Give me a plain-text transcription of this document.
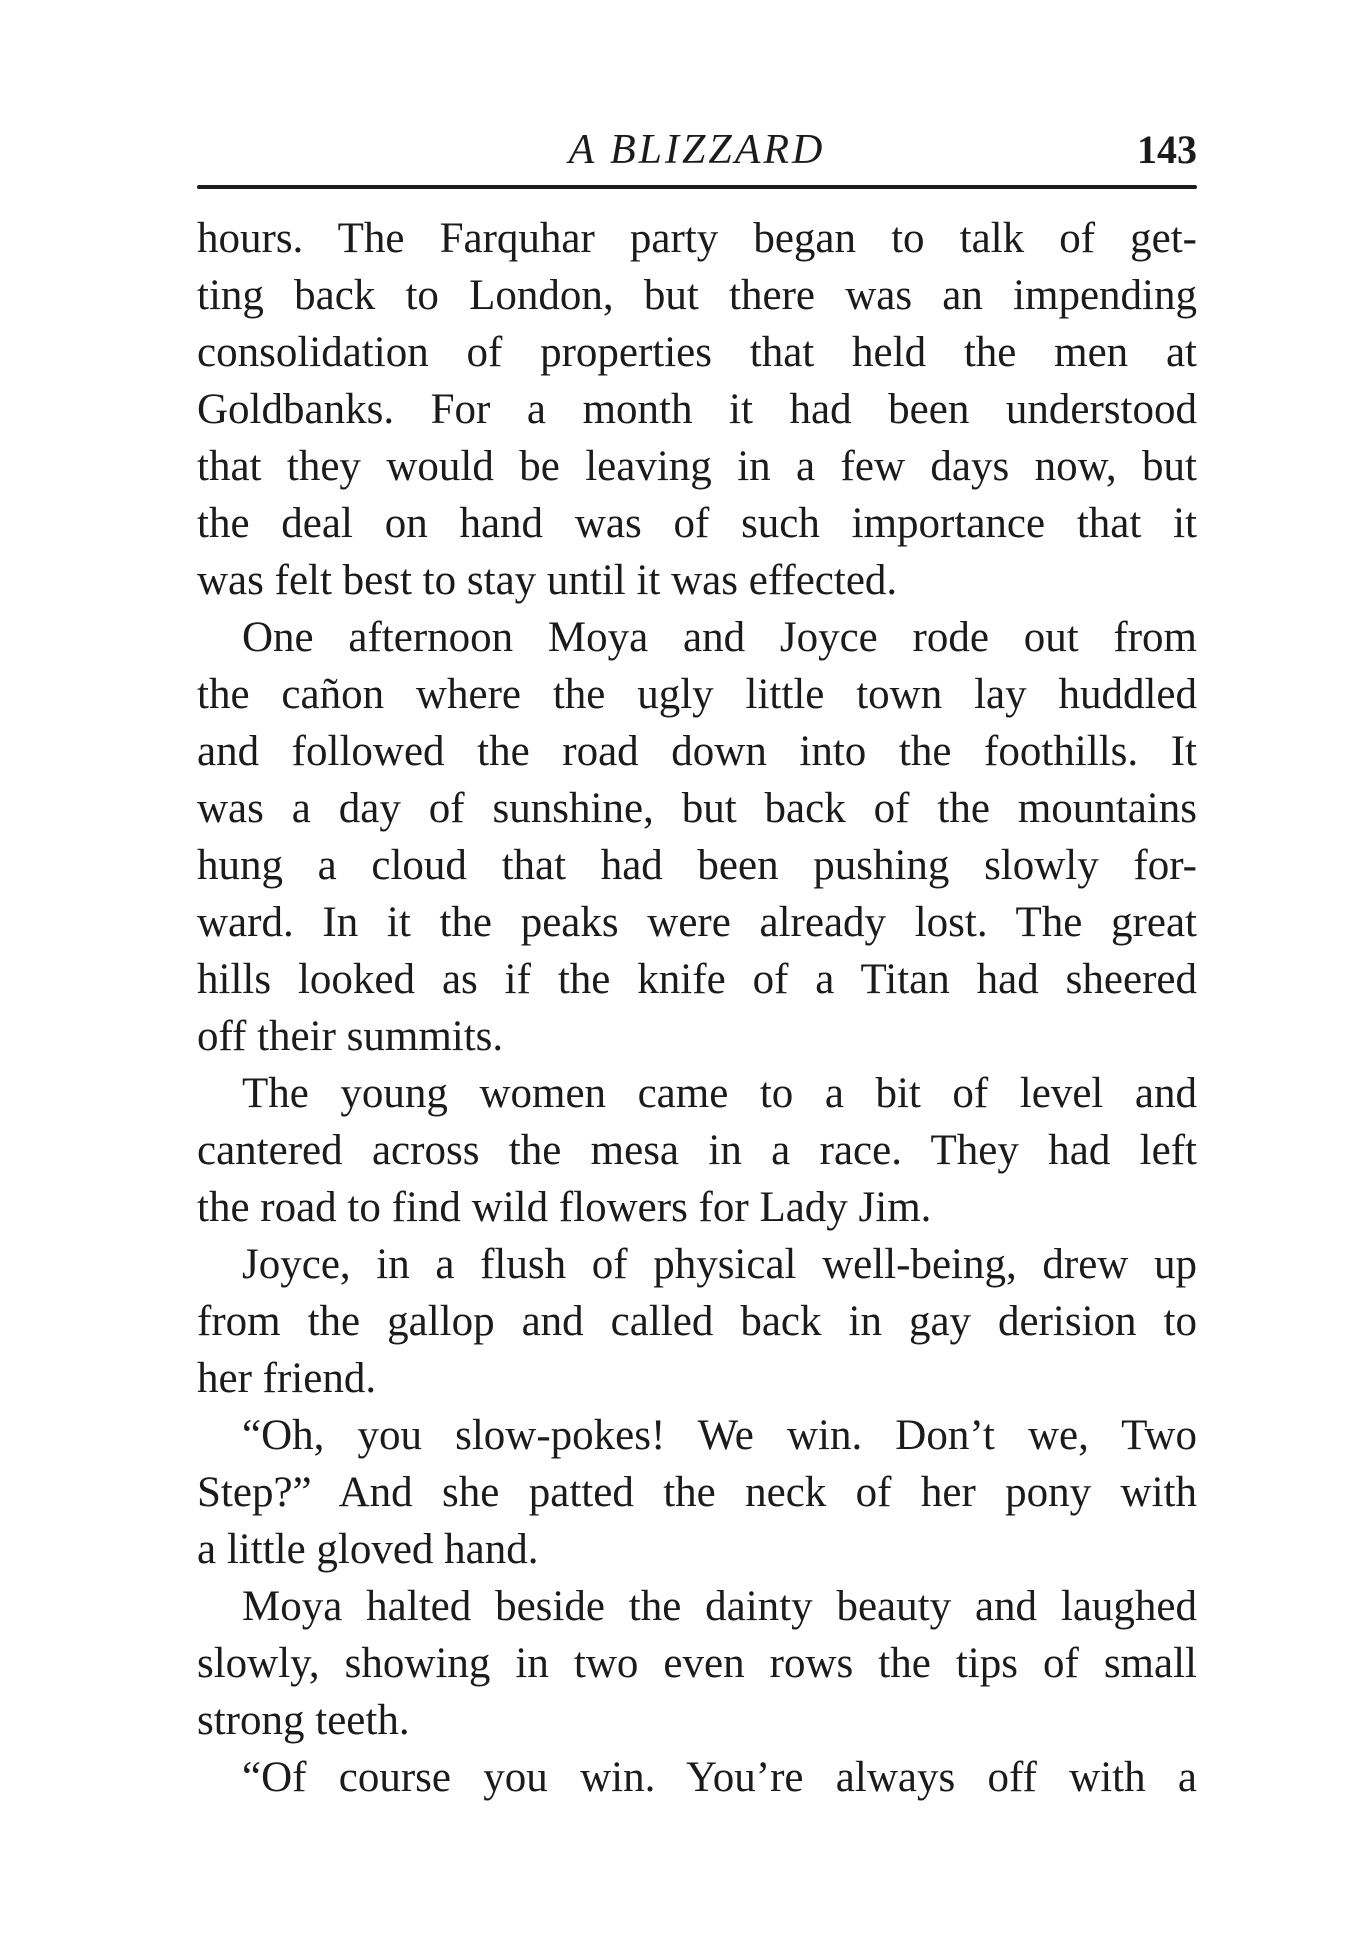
A BLIZZARD	143
hours. The Farquhar party began to talk of get-
ting back to London, but there was an impending
consolidation of properties that held the men at
Goldbanks. For a month it had been understood
that they would be leaving in a few days now, but
the deal on hand was of such importance that it
was felt best to stay until it was effected.
One afternoon Moya and Joyce rode out from
the cañon where the ugly little town lay huddled
and followed the road down into the foothills. It
was a day of sunshine, but back of the mountains
hung a cloud that had been pushing slowly for-
ward. In it the peaks were already lost. The great
hills looked as if the knife of a Titan had sheered
off their summits.
The young women came to a bit of level and
cantered across the mesa in a race. They had left
the road to find wild flowers for Lady Jim.
Joyce, in a flush of physical well-being, drew up
from the gallop and called back in gay derision to
her friend.
“Oh, you slow-pokes! We win. Don’t we, Two
Step?” And she patted the neck of her pony with
a little gloved hand.
Moya halted beside the dainty beauty and laughed
slowly, showing in two even rows the tips of small
strong teeth.
“Of course you win. You’re always off with a
